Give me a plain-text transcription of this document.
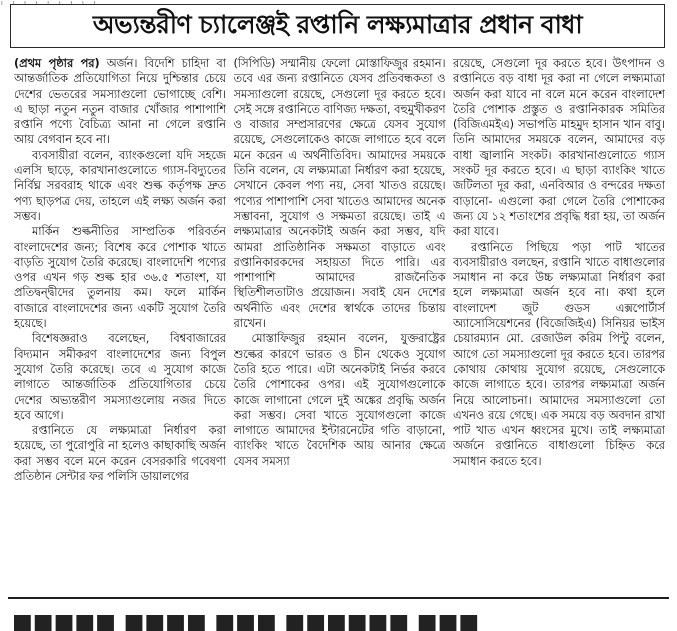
। । । । । । । । ।
অভ্যন্তরীণ চ্যালেঞ্জই রপ্তানি লক্ষ্যমাত্রার প্রধান বাধা

(প্রথম পৃষ্ঠার পর) অর্জন। বিদেশি চাহিদা বা আন্তর্জাতিক প্রতিযোগিতা নিয়ে দুশ্চিন্তার চেয়ে দেশের ভেতরের সমস্যাগুলো ভোগাচ্ছে বেশি। এ ছাড়া নতুন নতুন বাজার খোঁজার পাশাপাশি রপ্তানি পণ্যে বৈচিত্র্য আনা না গেলে রপ্তানি আয় বেগবান হবে না।

ব্যবসায়ীরা বলেন, ব্যাংকগুলো যদি সহজে এলসি ছাড়ে, কারখানাগুলোতে গ্যাস-বিদ্যুতের নির্বিঘ্ন সরবরাহ থাকে এবং শুল্ক কর্তৃপক্ষ দ্রুত পণ্য ছাড়পত্র দেয়, তাহলে এই লক্ষ্য অর্জন করা সম্ভব।

মার্কিন শুল্কনীতির সাম্প্রতিক পরিবর্তন বাংলাদেশের জন্য; বিশেষ করে পোশাক খাতে বাড়তি সুযোগ তৈরি করেছে। বাংলাদেশি পণ্যের ওপর এখন গড় শুল্ক হার ৩৬.৫ শতাংশ, যা প্রতিদ্বন্দ্বীদের তুলনায় কম। ফলে মার্কিন বাজারে বাংলাদেশের জন্য একটি সুযোগ তৈরি হয়েছে।

বিশেষজ্ঞরাও বলেছেন, বিশ্ববাজারের বিদ্যমান সমীকরণ বাংলাদেশের জন্য বিপুল সুযোগ তৈরি করেছে। তবে এ সুযোগ কাজে লাগাতে আন্তর্জাতিক প্রতিযোগিতার চেয়ে দেশের অভ্যন্তরীণ সমস্যাগুলোয় নজর দিতে হবে আগে।

রপ্তানিতে যে লক্ষ্যমাত্রা নির্ধারণ করা হয়েছে, তা পুরোপুরি না হলেও কাছাকাছি অর্জন করা সম্ভব বলে মনে করেন বেসরকারি গবেষণা প্রতিষ্ঠান সেন্টার ফর পলিসি ডায়ালগের

(সিপিডি) সম্মানীয় ফেলো মোস্তাফিজুর রহমান। তবে এর জন্য রপ্তানিতে যেসব প্রতিবন্ধকতা ও সমস্যাগুলো রয়েছে, সেগুলো দূর করতে হবে। সেই সঙ্গে রপ্তানিতে বাণিজ্য দক্ষতা, বহুমুখীকরণ ও বাজার সম্প্রসারণের ক্ষেত্রে যেসব সুযোগ রয়েছে, সেগুলোকেও কাজে লাগাতে হবে বলে মনে করেন এ অর্থনীতিবিদ। আমাদের সময়কে তিনি বলেন, যে লক্ষ্যমাত্রা নির্ধারণ করা হয়েছে, সেখানে কেবল পণ্য নয়, সেবা খাতও রয়েছে। পণ্যের পাশাপাশি সেবা খাতেও আমাদের অনেক সম্ভাবনা, সুযোগ ও সক্ষমতা রয়েছে। তাই এ লক্ষ্যমাত্রার অনেকটাই অর্জন করা সম্ভব, যদি আমরা প্রাতিষ্ঠানিক সক্ষমতা বাড়াতে এবং রপ্তানিকারকদের সহায়তা দিতে পারি। এর পাশাপাশি আমাদের রাজনৈতিক স্থিতিশীলতাটাও প্রয়োজন। সবাই যেন দেশের অর্থনীতি এবং দেশের স্বার্থকে তাদের চিন্তায় রাখেন।

মোস্তাফিজুর রহমান বলেন, যুক্তরাষ্ট্রের শুল্কের কারণে ভারত ও চীন থেকেও সুযোগ তৈরি হতে পারে। এটা অনেকটাই নির্ভর করবে তৈরি পোশাকের ওপর। এই সুযোগগুলোকে কাজে লাগানো গেলে দুই অঙ্কের প্রবৃদ্ধি অর্জন করা সম্ভব। সেবা খাতে সুযোগগুলো কাজে লাগাতে আমাদের ইন্টারনেটের গতি বাড়ানো, ব্যাংকিং খাতে বৈদেশিক আয় আনার ক্ষেত্রে যেসব সমস্যা

রয়েছে, সেগুলো দূর করতে হবে। উৎপাদন ও রপ্তানিতে বড় বাধা দূর করা না গেলে লক্ষ্যমাত্রা অর্জন করা যাবে না বলে মনে করেন বাংলাদেশ তৈরি পোশাক প্রস্তুত ও রপ্তানিকারক সমিতির (বিজিএমইএ) সভাপতি মাহমুদ হাসান খান বাবু। তিনি আমাদের সময়কে বলেন, আমাদের বড় বাধা জ্বালানি সংকট। কারখানাগুলোতে গ্যাস সংকট দূর করতে হবে। এ ছাড়া ব্যাংকিং খাতে জটিলতা দূর করা, এনবিআর ও বন্দরের দক্ষতা বাড়ানো- এগুলো করা গেলে তৈরি পোশাকের জন্য যে ১২ শতাংশের প্রবৃদ্ধি ধরা হয়, তা অর্জন করা যাবে।

রপ্তানিতে পিছিয়ে পড়া পাট খাতের ব্যবসায়ীরাও বলছেন, রপ্তানি খাতে বাধাগুলোর সমাধান না করে উচ্চ লক্ষ্যমাত্রা নির্ধারণ করা হলে লক্ষ্যমাত্রা অর্জন হবে না। কথা হলে বাংলাদেশ জুট গুডস এক্সপোর্টার্স অ্যাসোসিয়েশনের (বিজেজিইএ) সিনিয়র ভাইস চেয়ারম্যান মো. রেজাউল করিম পিন্টু বলেন, আগে তো সমস্যাগুলো দূর করতে হবে। তারপর কোথায় কোথায় সুযোগ রয়েছে, সেগুলোকে কাজে লাগাতে হবে। তারপর লক্ষ্যমাত্রা অর্জন নিয়ে আলোচনা। আমাদের সমস্যাগুলো তো এখনও রয়ে গেছে। এক সময়ে বড় অবদান রাখা পাট খাত এখন ধ্বংসের মুখে। তাই লক্ষ্যমাত্রা অর্জনে রপ্তানিতে বাধাগুলো চিহ্নিত করে সমাধান করতে হবে।

■■■■■ ■■■■ ■■■ ■■■■■■ ■■■
